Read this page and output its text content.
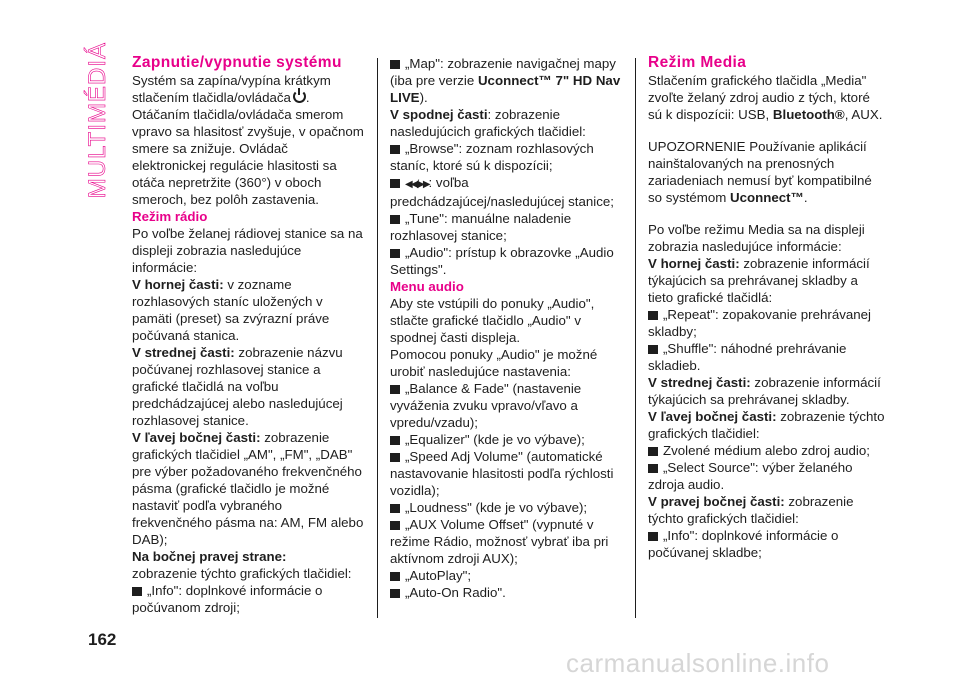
MULTIMÉDIÁ
162
carmanualsonline.info
Zapnutie/vypnutie systému

Systém sa zapína/vypína krátkym stlačením tlačidla/ovládača . Otáčaním tlačidla/ovládača smerom vpravo sa hlasitosť zvyšuje, v opačnom smere sa znižuje. Ovládač elektronickej regulácie hlasitosti sa otáča nepretržite (360°) v oboch smeroch, bez polôh zastavenia.

Režim rádio

Po voľbe želanej rádiovej stanice sa na displeji zobrazia nasledujúce informácie:

V hornej časti: v zozname rozhlasových staníc uložených v pamäti (preset) sa zvýrazní práve počúvaná stanica.

V strednej časti: zobrazenie názvu počúvanej rozhlasovej stanice a grafické tlačidlá na voľbu predchádzajúcej alebo nasledujúcej rozhlasovej stanice.

V ľavej bočnej časti: zobrazenie grafických tlačidiel „AM", „FM", „DAB" pre výber požadovaného frekvenčného pásma (grafické tlačidlo je možné nastaviť podľa vybraného frekvenčného pásma na: AM, FM alebo DAB);

Na bočnej pravej strane:

zobrazenie týchto grafických tlačidiel:

„Info": doplnkové informácie o počúvanom zdroji;

„Map": zobrazenie navigačnej mapy (iba pre verzie Uconnect™ 7" HD Nav LIVE).

V spodnej časti: zobrazenie nasledujúcich grafických tlačidiel:

„Browse": zoznam rozhlasových staníc, ktoré sú k dispozícii;

◀◀/▶▶: voľba predchádzajúcej/nasledujúcej stanice;

„Tune": manuálne naladenie rozhlasovej stanice;

„Audio": prístup k obrazovke „Audio Settings".

Menu audio

Aby ste vstúpili do ponuky „Audio", stlačte grafické tlačidlo „Audio" v spodnej časti displeja.

Pomocou ponuky „Audio" je možné urobiť nasledujúce nastavenia:

„Balance & Fade" (nastavenie vyváženia zvuku vpravo/vľavo a vpredu/vzadu);

„Equalizer" (kde je vo výbave);

„Speed Adj Volume" (automatické nastavovanie hlasitosti podľa rýchlosti vozidla);

„Loudness" (kde je vo výbave);

„AUX Volume Offset" (vypnuté v režime Rádio, možnosť vybrať iba pri aktívnom zdroji AUX);

„AutoPlay";

„Auto-On Radio".

Režim Media

Stlačením grafického tlačidla „Media" zvoľte želaný zdroj audio z tých, ktoré sú k dispozícii: USB, Bluetooth®, AUX.

UPOZORNENIE Používanie aplikácií nainštalovaných na prenosných zariadeniach nemusí byť kompatibilné so systémom Uconnect™.

Po voľbe režimu Media sa na displeji zobrazia nasledujúce informácie:

V hornej časti: zobrazenie informácií týkajúcich sa prehrávanej skladby a tieto grafické tlačidlá:

„Repeat": zopakovanie prehrávanej skladby;

„Shuffle": náhodné prehrávanie skladieb.

V strednej časti: zobrazenie informácií týkajúcich sa prehrávanej skladby.

V ľavej bočnej časti: zobrazenie týchto grafických tlačidiel:

Zvolené médium alebo zdroj audio;

„Select Source": výber želaného zdroja audio.

V pravej bočnej časti: zobrazenie týchto grafických tlačidiel:

„Info": doplnkové informácie o počúvanej skladbe;
